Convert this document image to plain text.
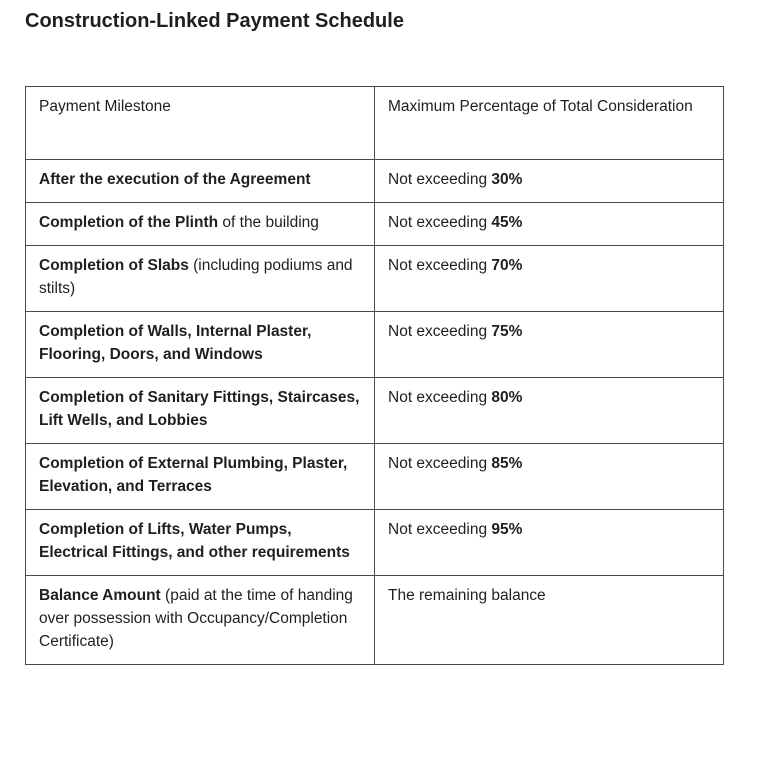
Construction-Linked Payment Schedule
Payment Milestone	Maximum Percentage of Total Consideration
After the execution of the Agreement	Not exceeding 30%
Completion of the Plinth of the building	Not exceeding 45%
Completion of Slabs (including podiums and stilts)	Not exceeding 70%
Completion of Walls, Internal Plaster, Flooring, Doors, and Windows	Not exceeding 75%
Completion of Sanitary Fittings, Staircases, Lift Wells, and Lobbies	Not exceeding 80%
Completion of External Plumbing, Plaster, Elevation, and Terraces	Not exceeding 85%
Completion of Lifts, Water Pumps, Electrical Fittings, and other requirements	Not exceeding 95%
Balance Amount (paid at the time of handing over possession with Occupancy/Completion Certificate)	The remaining balance
